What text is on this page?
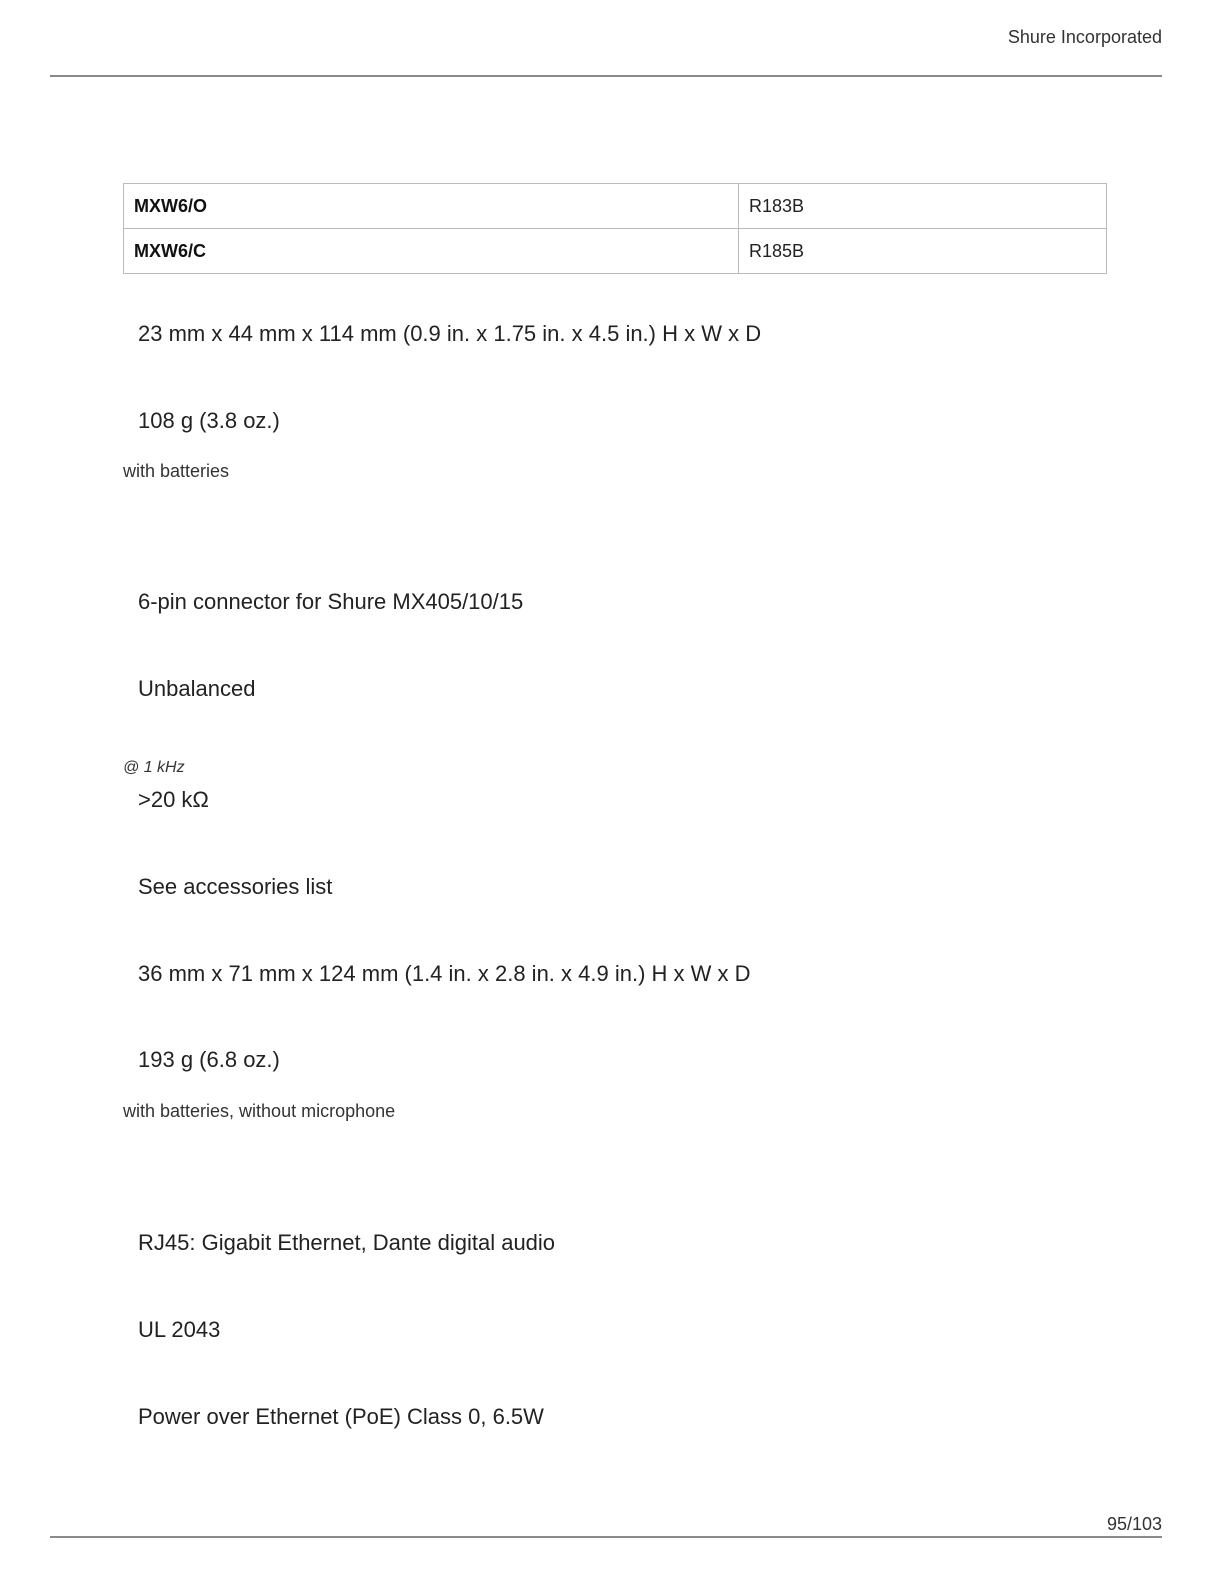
Shure Incorporated
MXW6/O	R183B
MXW6/C	R185B
23 mm x 44 mm x 114 mm (0.9 in. x 1.75 in. x 4.5 in.) H x W x D
108 g (3.8 oz.)
with batteries
6-pin connector for Shure MX405/10/15
Unbalanced
@ 1 kHz
>20 kΩ
See accessories list
36 mm x 71 mm x 124 mm (1.4 in. x 2.8 in. x 4.9 in.) H x W x D
193 g (6.8 oz.)
with batteries, without microphone
RJ45: Gigabit Ethernet, Dante digital audio
UL 2043
Power over Ethernet (PoE) Class 0, 6.5W
95/103
